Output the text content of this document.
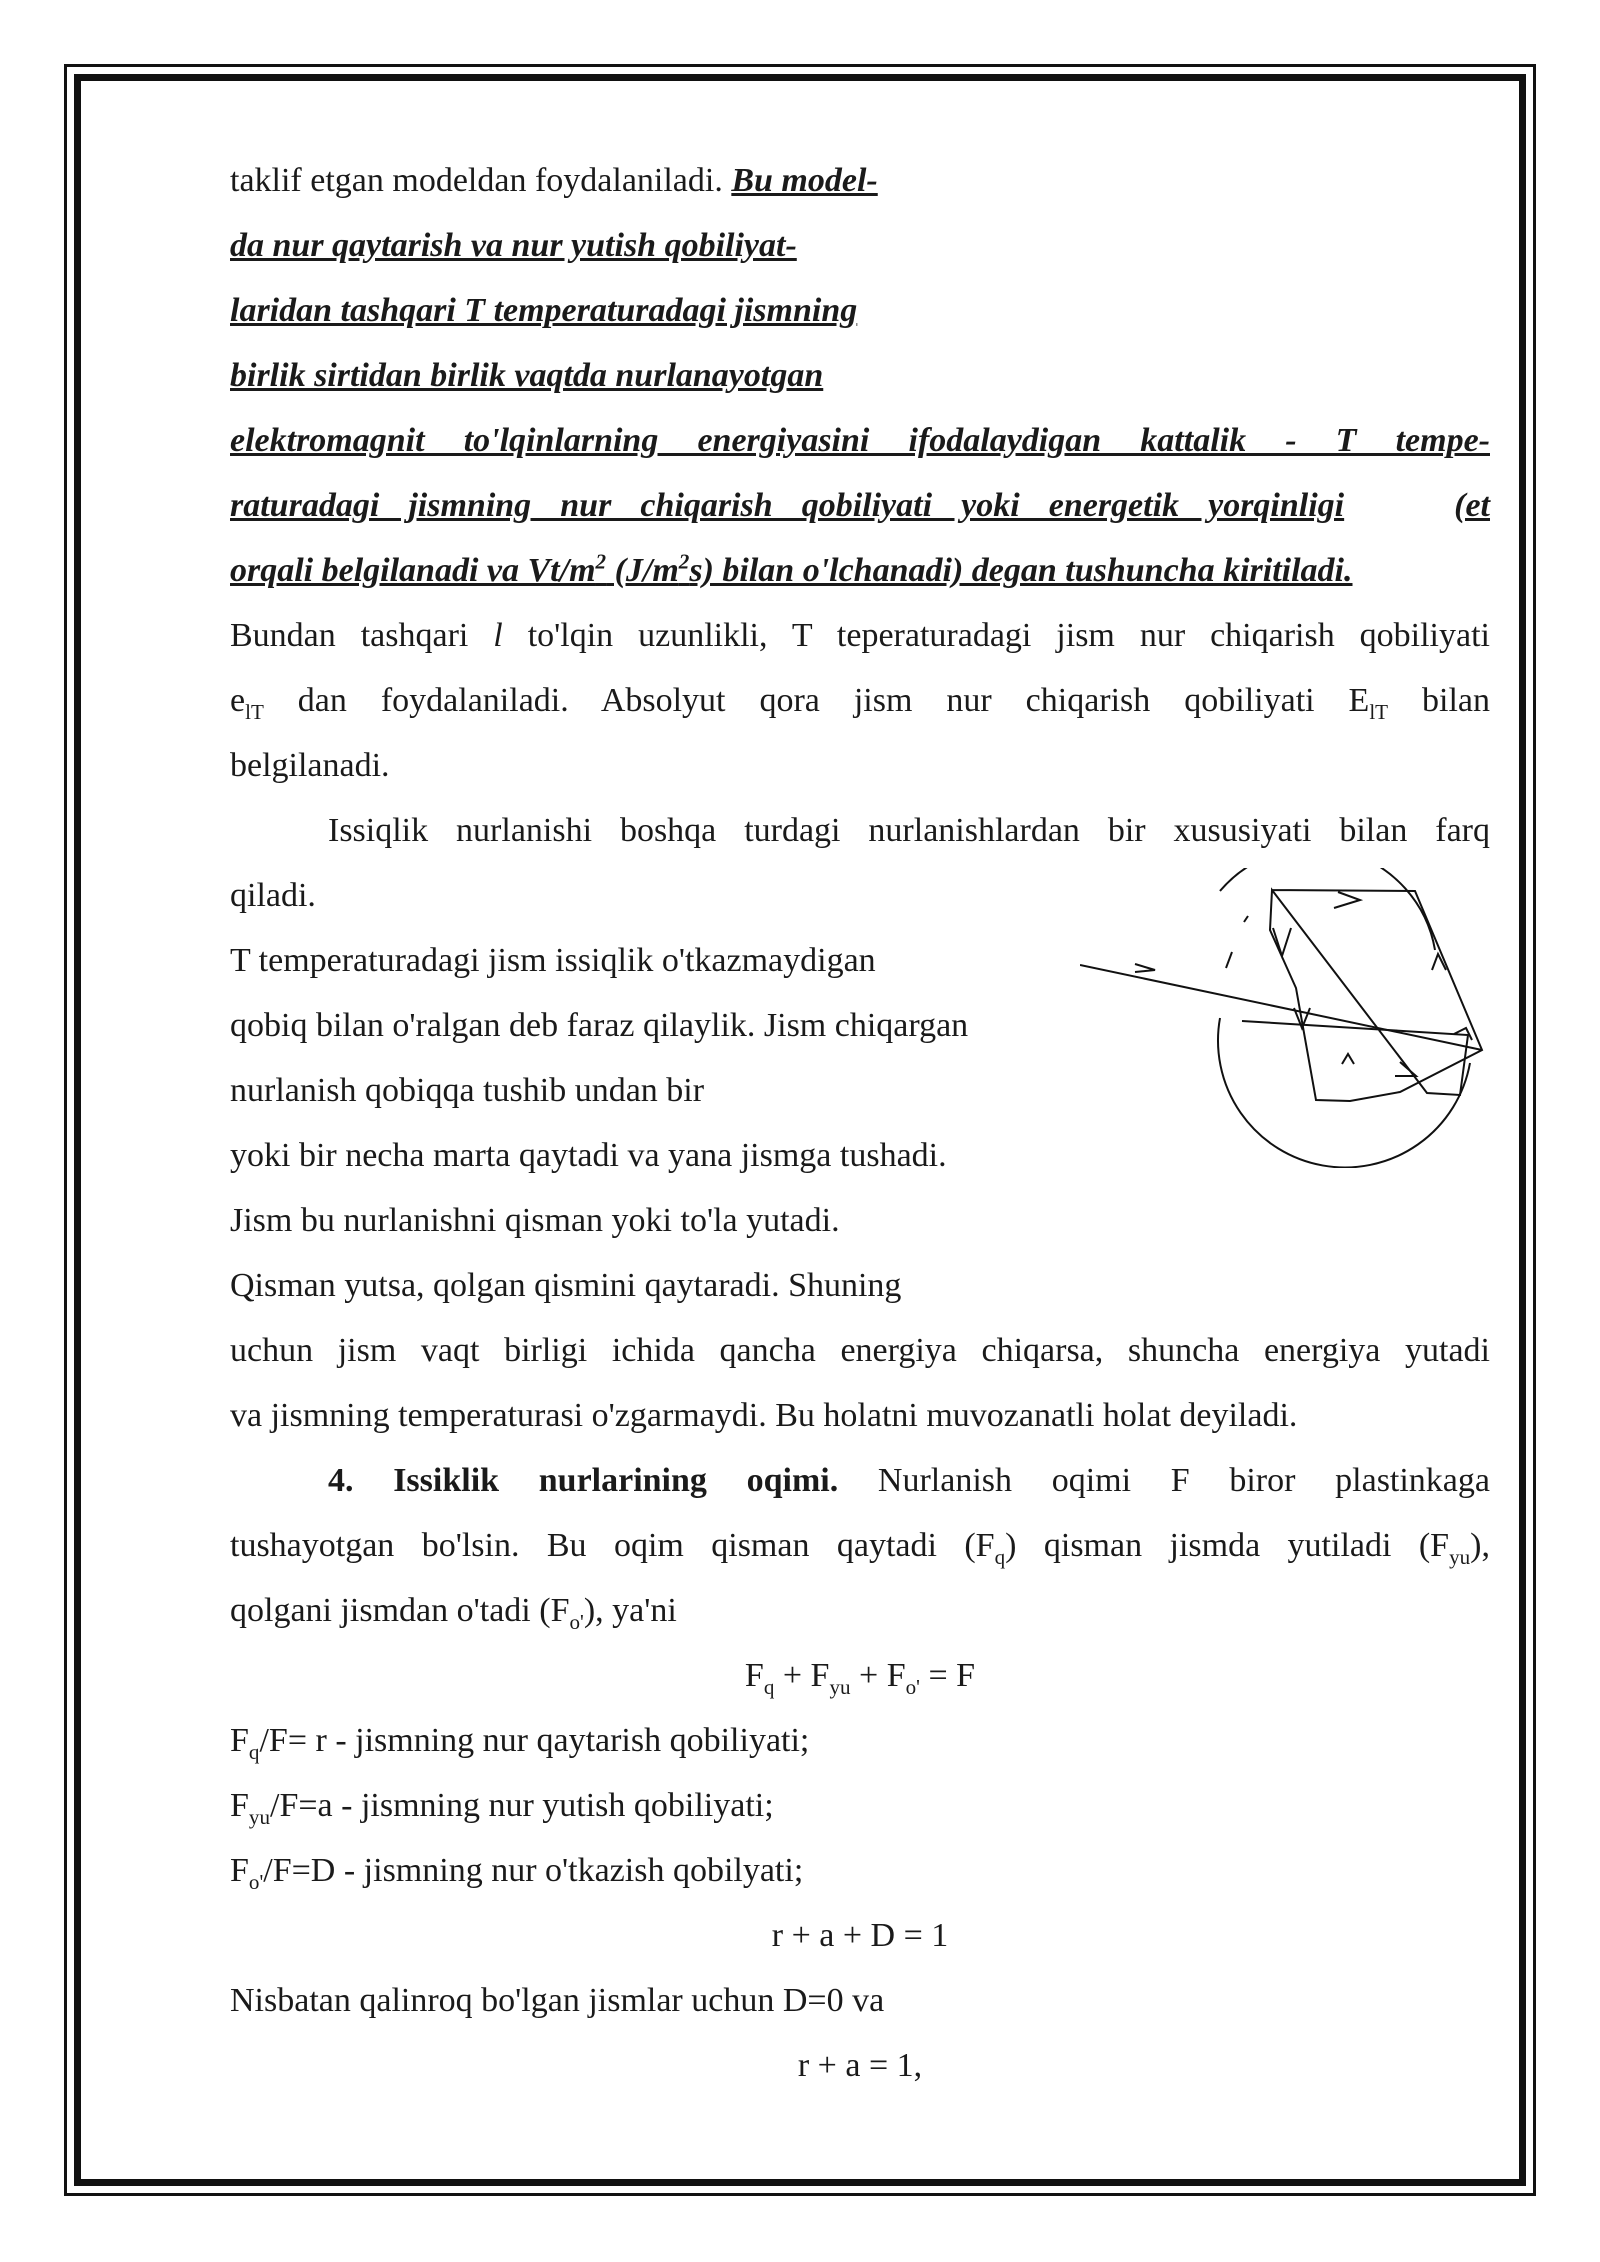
taklif etgan modeldan foydalaniladi. Bu model-
da nur qaytarish va nur yutish qobiliyat-
laridan tashqari T temperaturadagi jismning
birlik sirtidan birlik vaqtda nurlanayotgan
elektromagnit to'lqinlarning energiyasini ifodalaydigan kattalik - T tempe-
raturadagi jismning nur chiqarish qobiliyati yoki energetik yorqinligi	(et
orqali belgilanadi va $Vt/m^2$ $(J/m^2s)$ bilan o'lchanadi) degan tushuncha kiritiladi.
Bundan tashqari l to'lqin uzunlikli, T teperaturadagi jism nur chiqarish qobiliyati
$e_{lT}$ dan foydalaniladi. Absolyut qora jism nur chiqarish qobiliyati $E_{lT}$ bilan
belgilanadi.
Issiqlik nurlanishi boshqa turdagi nurlanishlardan bir xususiyati bilan farq
qiladi.
T temperaturadagi jism issiqlik o'tkazmaydigan
qobiq bilan o'ralgan deb faraz qilaylik. Jism chiqargan
nurlanish qobiqqa tushib undan bir
yoki bir necha marta qaytadi va yana jismga tushadi.
Jism bu nurlanishni qisman yoki to'la yutadi.
Qisman yutsa, qolgan qismini qaytaradi. Shuning
uchun jism vaqt birligi ichida qancha energiya chiqarsa, shuncha energiya yutadi
va jismning temperaturasi o'zgarmaydi. Bu holatni muvozanatli holat deyiladi.
4. Issiklik nurlarining oqimi. Nurlanish oqimi F biror plastinkaga
tushayotgan bo'lsin. Bu oqim qisman qaytadi $(F_q)$ qisman jismda yutiladi $(F_{yu})$,
qolgani jismdan o'tadi $(F_{o'})$, ya'ni
$F_q + F_{yu} + F_{o'} = F$
$F_q/F= r$ - jismning nur qaytarish qobiliyati;
$F_{yu}/F=a$ - jismning nur yutish qobiliyati;
$F_{o'}/F=D$ - jismning nur o'tkazish qobilyati;
r + a + D = 1
Nisbatan qalinroq bo'lgan jismlar uchun D=0 va
r + a = 1,
